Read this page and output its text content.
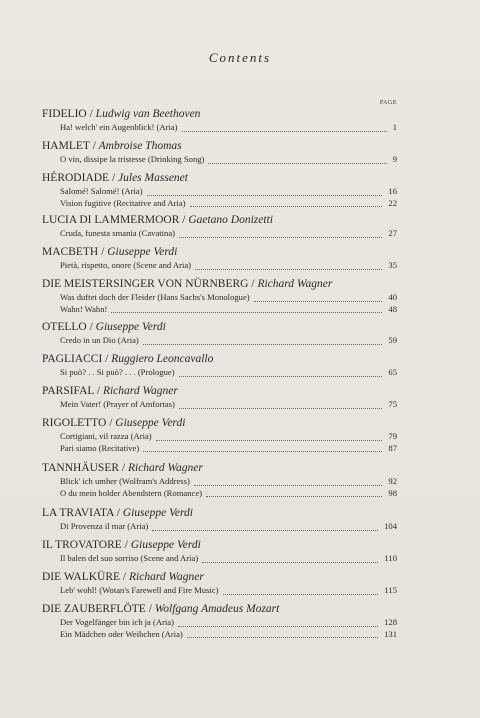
Contents
PAGE
FIDELIO / Ludwig van Beethoven
Ha! welch' ein Augenblick! (Aria)	1
HAMLET / Ambroise Thomas
O vin, dissipe la tristesse (Drinking Song)	9
HÉRODIADE / Jules Massenet
Salomé! Salomé! (Aria)	16
Vision fugitive (Recitative and Aria)	22
LUCIA DI LAMMERMOOR / Gaetano Donizetti
Cruda, funesta smania (Cavatina)	27
MACBETH / Giuseppe Verdi
Pietà, rispetto, onore (Scene and Aria)	35
DIE MEISTERSINGER VON NÜRNBERG / Richard Wagner
Was duftet doch der Fleider (Hans Sachs's Monologue)	40
Wahn! Wahn!	48
OTELLO / Giuseppe Verdi
Credo in un Dio (Aria)	59
PAGLIACCI / Ruggiero Leoncavallo
Si può? . . Si può? . . . (Prologue)	65
PARSIFAL / Richard Wagner
Mein Vater! (Prayer of Amfortas)	75
RIGOLETTO / Giuseppe Verdi
Cortigiani, vil razza (Aria)	79
Pari siamo (Recitative)	87
TANNHÄUSER / Richard Wagner
Blick' ich umher (Wolfram's Address)	92
O du mein holder Abendstern (Romance)	98
LA TRAVIATA / Giuseppe Verdi
Di Provenza il mar (Aria)	104
IL TROVATORE / Giuseppe Verdi
Il balen del suo sorriso (Scene and Aria)	110
DIE WALKÜRE / Richard Wagner
Leb' wohl! (Wotan's Farewell and Fire Music)	115
DIE ZAUBERFLÖTE / Wolfgang Amadeus Mozart
Der Vogelfänger bin ich ja (Aria)	128
Ein Mädchen oder Weibchen (Aria)	131
